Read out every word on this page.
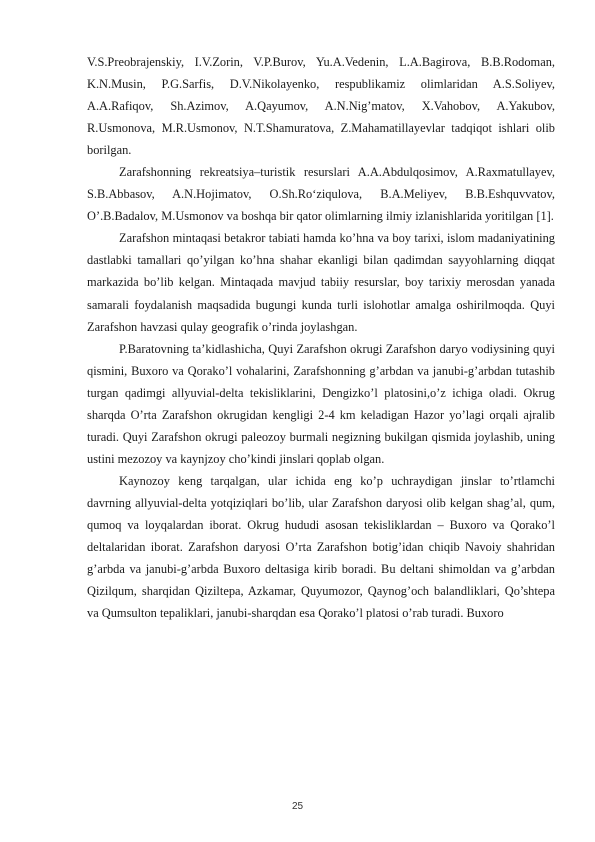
V.S.Preobrajenskiy, I.V.Zorin, V.P.Burov, Yu.A.Vedenin, L.A.Bagirova, B.B.Rodoman, K.N.Musin, P.G.Sarfis, D.V.Nikolayenko, respublikamiz olimlaridan A.S.Soliyev, A.A.Rafiqov, Sh.Azimov, A.Qayumov, A.N.Nig’matov, X.Vahobov, A.Yakubov, R.Usmonova, M.R.Usmonov, N.T.Shamuratova, Z.Mahamatillayevlar tadqiqot ishlari olib borilgan.

Zarafshonning rekreatsiya–turistik resurslari A.A.Abdulqosimov, A.Raxmatullayev, S.B.Abbasov, A.N.Hojimatov, O.Sh.Ro‘ziqulova, B.A.Meliyev, B.B.Eshquvvatov, O’.B.Badalov, M.Usmonov va boshqa bir qator olimlarning ilmiy izlanishlarida yoritilgan [1].

Zarafshon mintaqasi betakror tabiati hamda ko’hna va boy tarixi, islom madaniyatining dastlabki tamallari qo’yilgan ko’hna shahar ekanligi bilan qadimdan sayyohlarning diqqat markazida bo’lib kelgan. Mintaqada mavjud tabiiy resurslar, boy tarixiy merosdan yanada samarali foydalanish maqsadida bugungi kunda turli islohotlar amalga oshirilmoqda. Quyi Zarafshon havzasi qulay geografik o’rinda joylashgan.

P.Baratovning ta’kidlashicha, Quyi Zarafshon okrugi Zarafshon daryo vodiysining quyi qismini, Buxoro va Qorako’l vohalarini, Zarafshonning g’arbdan va janubi-g’arbdan tutashib turgan qadimgi allyuvial-delta tekisliklarini, Dengizko’l platosini,o’z ichiga oladi. Okrug sharqda O’rta Zarafshon okrugidan kengligi 2-4 km keladigan Hazor yo’lagi orqali ajralib turadi. Quyi Zarafshon okrugi paleozoy burmali negizning bukilgan qismida joylashib, uning ustini mezozoy va kaynjzoy cho’kindi jinslari qoplab olgan.

Kaynozoy keng tarqalgan, ular ichida eng ko’p uchraydigan jinslar to’rtlamchi davrning allyuvial-delta yotqiziqlari bo’lib, ular Zarafshon daryosi olib kelgan shag’al, qum, qumoq va loyqalardan iborat. Okrug hududi asosan tekisliklardan – Buxoro va Qorako’l deltalaridan iborat. Zarafshon daryosi O’rta Zarafshon botig’idan chiqib Navoiy shahridan g’arbda va janubi-g’arbda Buxoro deltasiga kirib boradi. Bu deltani shimoldan va g’arbdan Qizilqum, sharqidan Qiziltepa, Azkamar, Quyumozor, Qaynog’och balandliklari, Qo’shtepa va Qumsulton tepaliklari, janubi-sharqdan esa Qorako’l platosi o’rab turadi. Buxoro

25
